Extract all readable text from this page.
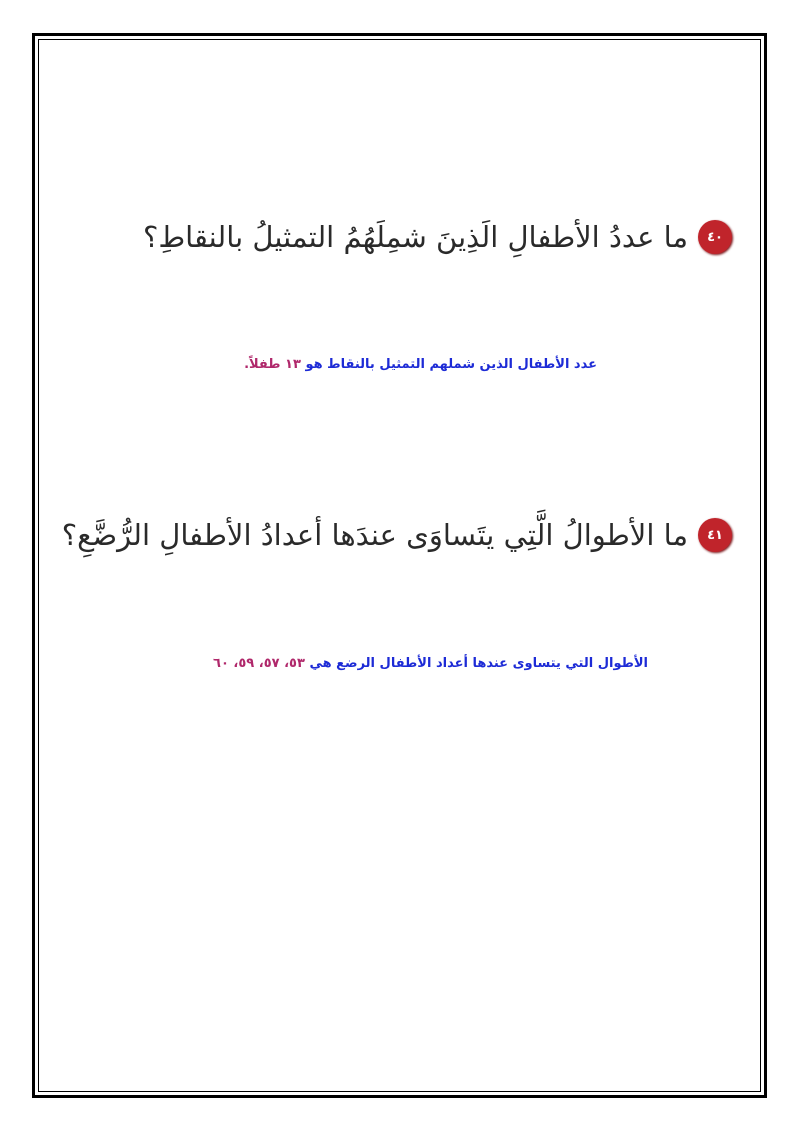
٤٠
ما عددُ الأطفالِ الَذِينَ شمِلَهُمُ التمثيلُ بالنقاطِ؟
عدد الأطفال الذين شملهم التمثيل بالنقاط هو ١٣ طفلاً.
٤١
ما الأطوالُ الَّتِي يتَساوَى عندَها أعدادُ الأطفالِ الرُّضَّعِ؟
الأطوال التي يتساوى عندها أعداد الأطفال الرضع هي ٥٣، ٥٧، ٥٩، ٦٠
